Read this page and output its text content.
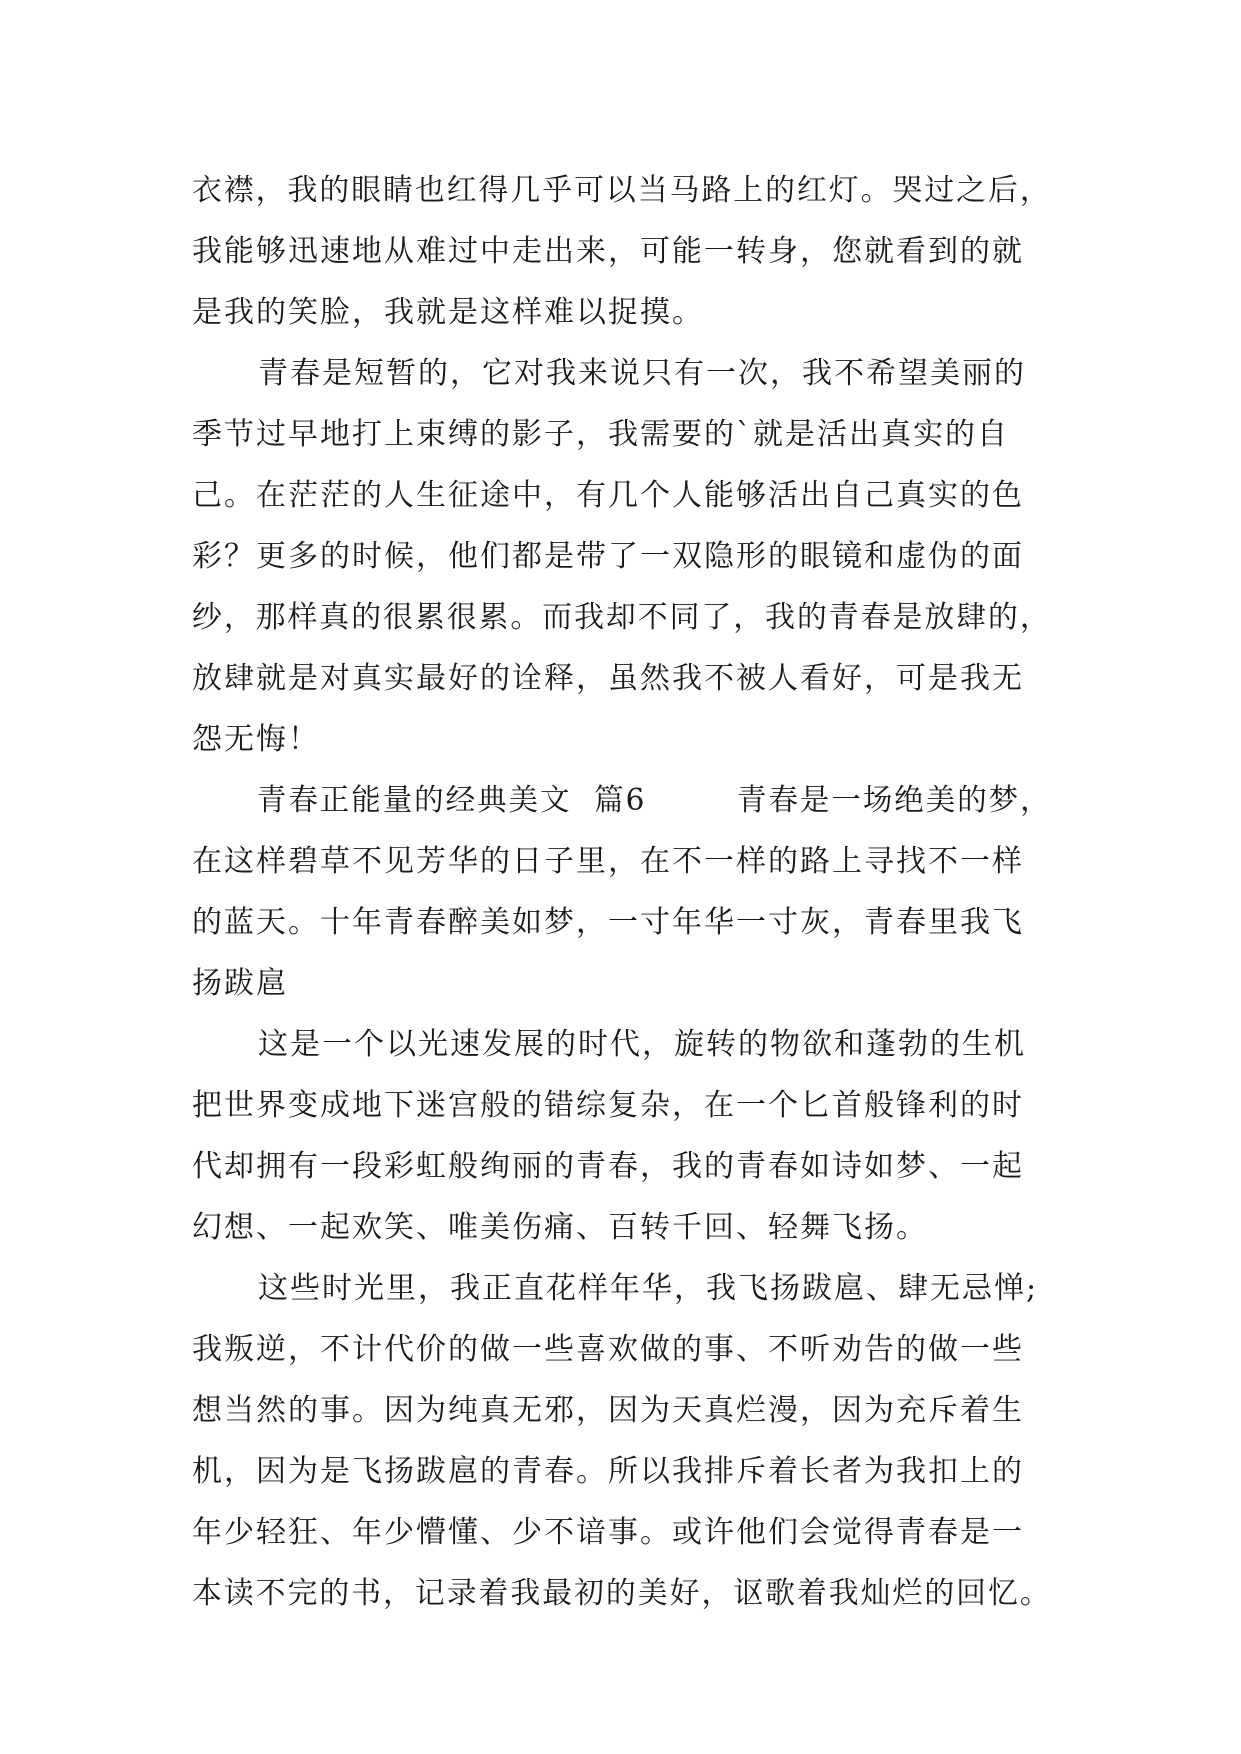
衣襟，我的眼睛也红得几乎可以当马路上的红灯。哭过之后，
我能够迅速地从难过中走出来，可能一转身，您就看到的就
是我的笑脸，我就是这样难以捉摸。
青春是短暂的，它对我来说只有一次，我不希望美丽的
季节过早地打上束缚的影子，我需要的`就是活出真实的自
己。在茫茫的人生征途中，有几个人能够活出自己真实的色
彩？更多的时候，他们都是带了一双隐形的眼镜和虚伪的面
纱，那样真的很累很累。而我却不同了，我的青春是放肆的，
放肆就是对真实最好的诠释，虽然我不被人看好，可是我无
怨无悔！
青春正能量的经典美文  篇6        青春是一场绝美的梦，
在这样碧草不见芳华的日子里，在不一样的路上寻找不一样
的蓝天。十年青春醉美如梦，一寸年华一寸灰，青春里我飞
扬跋扈
这是一个以光速发展的时代，旋转的物欲和蓬勃的生机
把世界变成地下迷宫般的错综复杂，在一个匕首般锋利的时
代却拥有一段彩虹般绚丽的青春，我的青春如诗如梦、一起
幻想、一起欢笑、唯美伤痛、百转千回、轻舞飞扬。
这些时光里，我正直花样年华，我飞扬跋扈、肆无忌惮;
我叛逆，不计代价的做一些喜欢做的事、不听劝告的做一些
想当然的事。因为纯真无邪，因为天真烂漫，因为充斥着生
机，因为是飞扬跋扈的青春。所以我排斥着长者为我扣上的
年少轻狂、年少懵懂、少不谙事。或许他们会觉得青春是一
本读不完的书，记录着我最初的美好，讴歌着我灿烂的回忆。
